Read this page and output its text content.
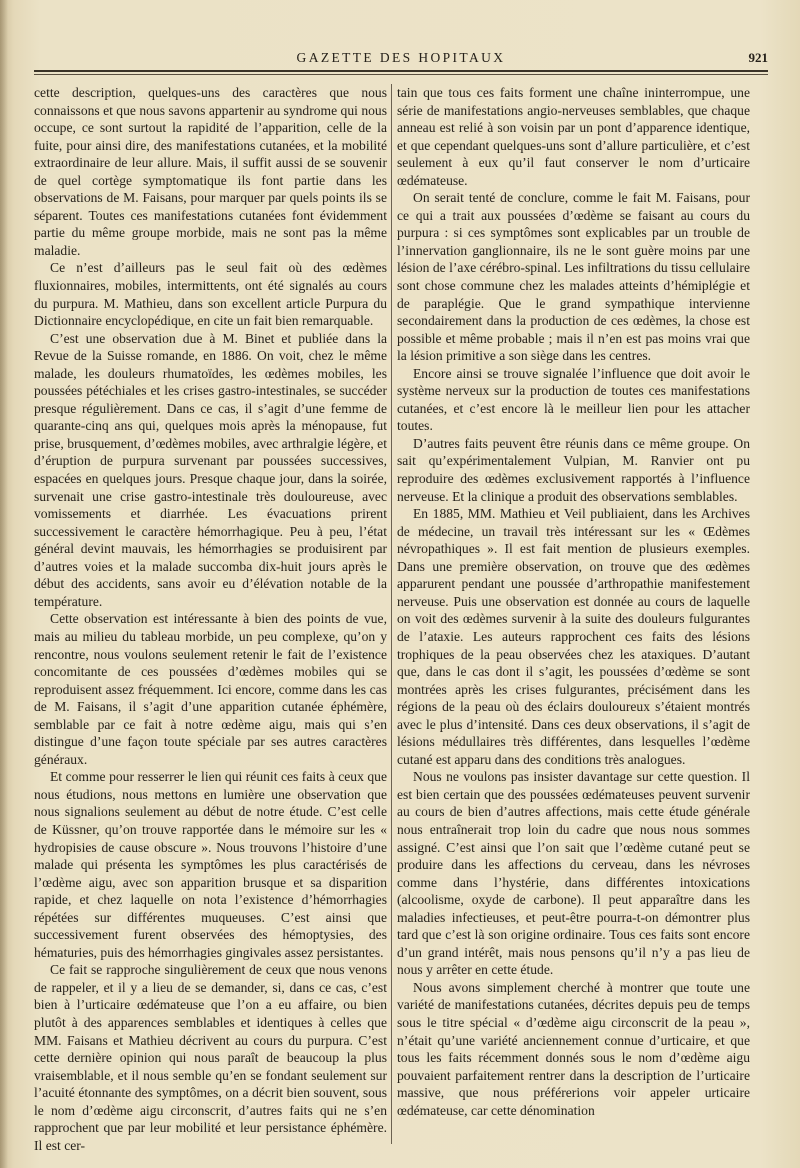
GAZETTE DES HOPITAUX	921

cette description, quelques-uns des caractères que nous connaissons et que nous savons appartenir au syndrome qui nous occupe, ce sont surtout la rapidité de l’apparition, celle de la fuite, pour ainsi dire, des manifestations cutanées, et la mobilité extraordinaire de leur allure. Mais, il suffit aussi de se souvenir de quel cortège symptomatique ils font partie dans les observations de M. Faisans, pour marquer par quels points ils se séparent. Toutes ces manifestations cutanées font évidemment partie du même groupe morbide, mais ne sont pas la même maladie.

Ce n’est d’ailleurs pas le seul fait où des œdèmes fluxionnaires, mobiles, intermittents, ont été signalés au cours du purpura. M. Mathieu, dans son excellent article Purpura du Dictionnaire encyclopédique, en cite un fait bien remarquable.

C’est une observation due à M. Binet et publiée dans la Revue de la Suisse romande, en 1886. On voit, chez le même malade, les douleurs rhumatoïdes, les œdèmes mobiles, les poussées pétéchiales et les crises gastro-intestinales, se succéder presque régulièrement. Dans ce cas, il s’agit d’une femme de quarante-cinq ans qui, quelques mois après la ménopause, fut prise, brusquement, d’œdèmes mobiles, avec arthralgie légère, et d’éruption de purpura survenant par poussées successives, espacées en quelques jours. Presque chaque jour, dans la soirée, survenait une crise gastro-intestinale très douloureuse, avec vomissements et diarrhée. Les évacuations prirent successivement le caractère hémorrhagique. Peu à peu, l’état général devint mauvais, les hémorrhagies se produisirent par d’autres voies et la malade succomba dix-huit jours après le début des accidents, sans avoir eu d’élévation notable de la température.

Cette observation est intéressante à bien des points de vue, mais au milieu du tableau morbide, un peu complexe, qu’on y rencontre, nous voulons seulement retenir le fait de l’existence concomitante de ces poussées d’œdèmes mobiles qui se reproduisent assez fréquemment. Ici encore, comme dans les cas de M. Faisans, il s’agit d’une apparition cutanée éphémère, semblable par ce fait à notre œdème aigu, mais qui s’en distingue d’une façon toute spéciale par ses autres caractères généraux.

Et comme pour resserrer le lien qui réunit ces faits à ceux que nous étudions, nous mettons en lumière une observation que nous signalions seulement au début de notre étude. C’est celle de Küssner, qu’on trouve rapportée dans le mémoire sur les « hydropisies de cause obscure ». Nous trouvons l’histoire d’une malade qui présenta les symptômes les plus caractérisés de l’œdème aigu, avec son apparition brusque et sa disparition rapide, et chez laquelle on nota l’existence d’hémorrhagies répétées sur différentes muqueuses. C’est ainsi que successivement furent observées des hémoptysies, des hématuries, puis des hémorrhagies gingivales assez persistantes.

Ce fait se rapproche singulièrement de ceux que nous venons de rappeler, et il y a lieu de se demander, si, dans ce cas, c’est bien à l’urticaire œdémateuse que l’on a eu affaire, ou bien plutôt à des apparences semblables et identiques à celles que MM. Faisans et Mathieu décrivent au cours du purpura. C’est cette dernière opinion qui nous paraît de beaucoup la plus vraisemblable, et il nous semble qu’en se fondant seulement sur l’acuité étonnante des symptômes, on a décrit bien souvent, sous le nom d’œdème aigu circonscrit, d’autres faits qui ne s’en rapprochent que par leur mobilité et leur persistance éphémère. Il est cer-

tain que tous ces faits forment une chaîne ininterrompue, une série de manifestations angio-nerveuses semblables, que chaque anneau est relié à son voisin par un pont d’apparence identique, et que cependant quelques-uns sont d’allure particulière, et c’est seulement à eux qu’il faut conserver le nom d’urticaire œdémateuse.

On serait tenté de conclure, comme le fait M. Faisans, pour ce qui a trait aux poussées d’œdème se faisant au cours du purpura : si ces symptômes sont explicables par un trouble de l’innervation ganglionnaire, ils ne le sont guère moins par une lésion de l’axe cérébro-spinal. Les infiltrations du tissu cellulaire sont chose commune chez les malades atteints d’hémiplégie et de paraplégie. Que le grand sympathique intervienne secondairement dans la production de ces œdèmes, la chose est possible et même probable ; mais il n’en est pas moins vrai que la lésion primitive a son siège dans les centres.

Encore ainsi se trouve signalée l’influence que doit avoir le système nerveux sur la production de toutes ces manifestations cutanées, et c’est encore là le meilleur lien pour les attacher toutes.

D’autres faits peuvent être réunis dans ce même groupe. On sait qu’expérimentalement Vulpian, M. Ranvier ont pu reproduire des œdèmes exclusivement rapportés à l’influence nerveuse. Et la clinique a produit des observations semblables.

En 1885, MM. Mathieu et Veil publiaient, dans les Archives de médecine, un travail très intéressant sur les « Œdèmes névropathiques ». Il est fait mention de plusieurs exemples. Dans une première observation, on trouve que des œdèmes apparurent pendant une poussée d’arthropathie manifestement nerveuse. Puis une observation est donnée au cours de laquelle on voit des œdèmes survenir à la suite des douleurs fulgurantes de l’ataxie. Les auteurs rapprochent ces faits des lésions trophiques de la peau observées chez les ataxiques. D’autant que, dans le cas dont il s’agit, les poussées d’œdème se sont montrées après les crises fulgurantes, précisément dans les régions de la peau où des éclairs douloureux s’étaient montrés avec le plus d’intensité. Dans ces deux observations, il s’agit de lésions médullaires très différentes, dans lesquelles l’œdème cutané est apparu dans des conditions très analogues.

Nous ne voulons pas insister davantage sur cette question. Il est bien certain que des poussées œdémateuses peuvent survenir au cours de bien d’autres affections, mais cette étude générale nous entraînerait trop loin du cadre que nous nous sommes assigné. C’est ainsi que l’on sait que l’œdème cutané peut se produire dans les affections du cerveau, dans les névroses comme dans l’hystérie, dans différentes intoxications (alcoolisme, oxyde de carbone). Il peut apparaître dans les maladies infectieuses, et peut-être pourra-t-on démontrer plus tard que c’est là son origine ordinaire. Tous ces faits sont encore d’un grand intérêt, mais nous pensons qu’il n’y a pas lieu de nous y arrêter en cette étude.

Nous avons simplement cherché à montrer que toute une variété de manifestations cutanées, décrites depuis peu de temps sous le titre spécial « d’œdème aigu circonscrit de la peau », n’était qu’une variété anciennement connue d’urticaire, et que tous les faits récemment donnés sous le nom d’œdème aigu pouvaient parfaitement rentrer dans la description de l’urticaire massive, que nous préférerions voir appeler urticaire œdémateuse, car cette dénomination
